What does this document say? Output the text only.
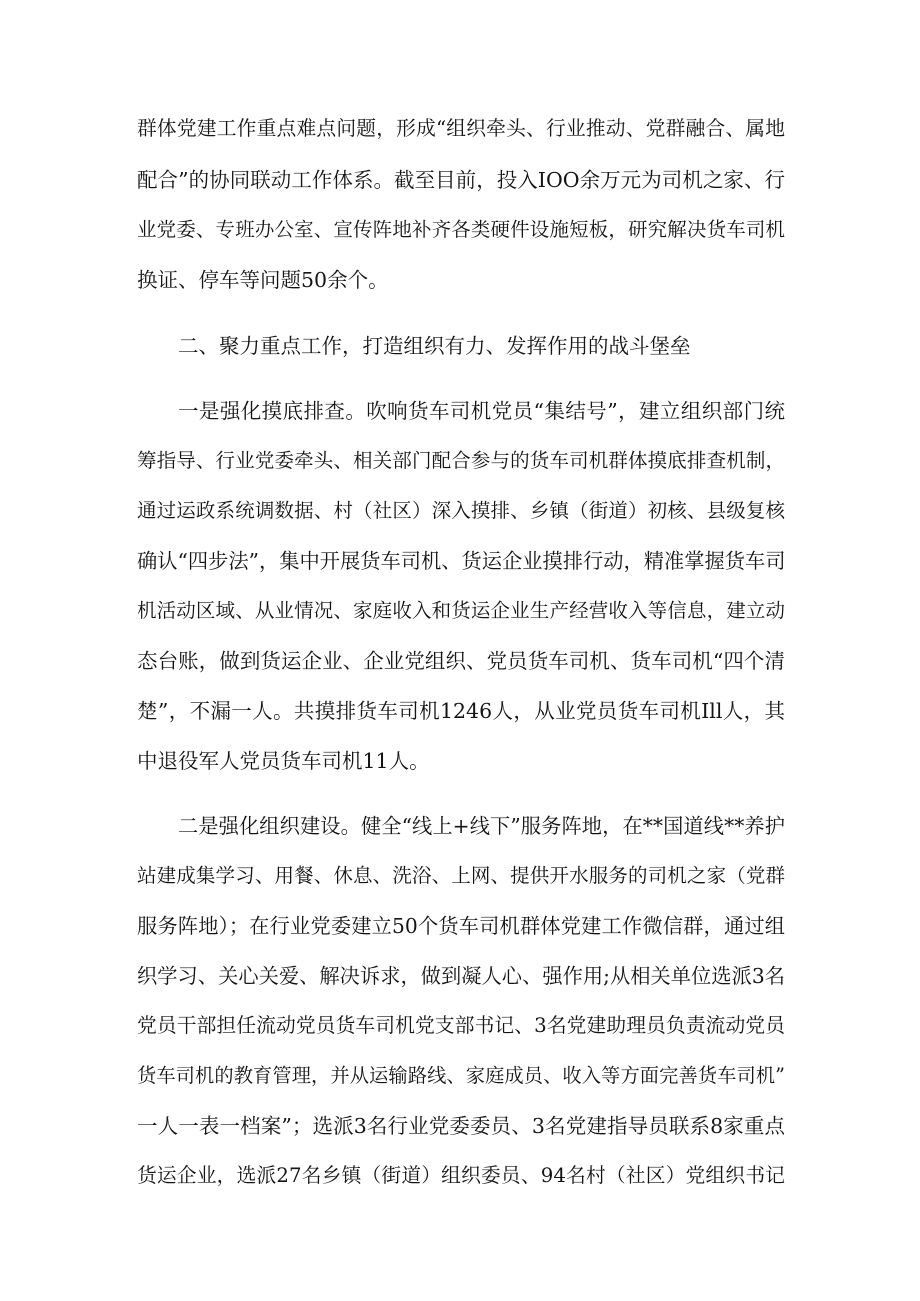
群体党建工作重点难点问题，形成“组织牵头、行业推动、党群融合、属地
配合”的协同联动工作体系。截至目前，投入IOO余万元为司机之家、行
业党委、专班办公室、宣传阵地补齐各类硬件设施短板，研究解决货车司机
换证、停车等问题50余个。
二、聚力重点工作，打造组织有力、发挥作用的战斗堡垒
一是强化摸底排查。吹响货车司机党员“集结号”，建立组织部门统
筹指导、行业党委牵头、相关部门配合参与的货车司机群体摸底排查机制，
通过运政系统调数据、村（社区）深入摸排、乡镇（街道）初核、县级复核
确认“四步法”，集中开展货车司机、货运企业摸排行动，精准掌握货车司
机活动区域、从业情况、家庭收入和货运企业生产经营收入等信息，建立动
态台账，做到货运企业、企业党组织、党员货车司机、货车司机“四个清
楚”，不漏一人。共摸排货车司机1246人，从业党员货车司机Ill人，其
中退役军人党员货车司机11人。
二是强化组织建设。健全“线上+线下”服务阵地，在**国道线**养护
站建成集学习、用餐、休息、洗浴、上网、提供开水服务的司机之家（党群
服务阵地）；在行业党委建立50个货车司机群体党建工作微信群，通过组
织学习、关心关爱、解决诉求，做到凝人心、强作用;从相关单位选派3名
党员干部担任流动党员货车司机党支部书记、3名党建助理员负责流动党员
货车司机的教育管理，并从运输路线、家庭成员、收入等方面完善货车司机”
一人一表一档案”；选派3名行业党委委员、3名党建指导员联系8家重点
货运企业，选派27名乡镇（街道）组织委员、94名村（社区）党组织书记
